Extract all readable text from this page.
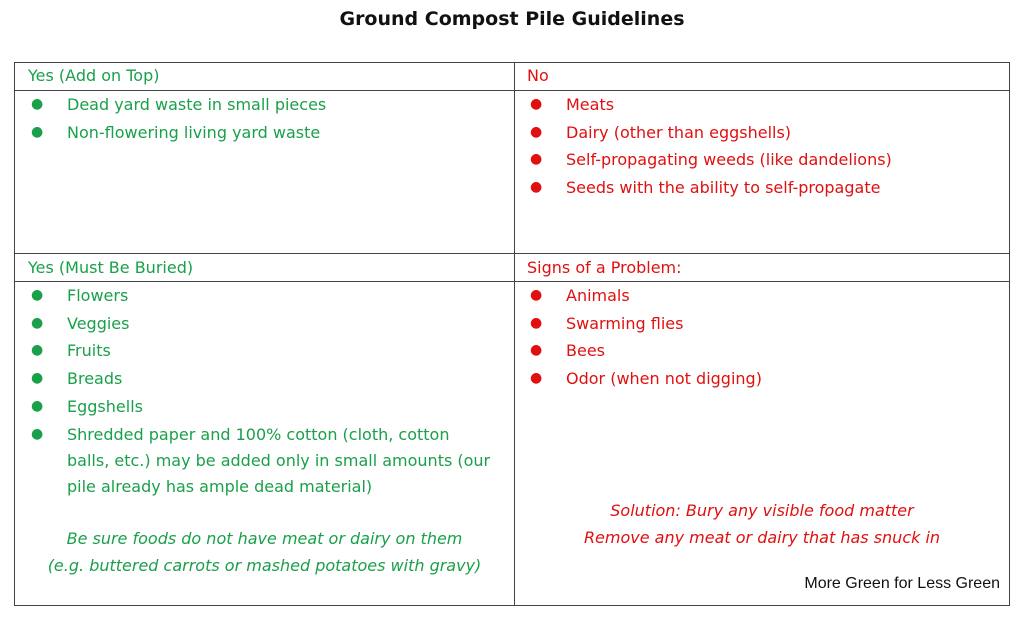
Ground Compost Pile Guidelines
Yes (Add on Top)
● Dead yard waste in small pieces
● Non-flowering living yard waste
No
● Meats
● Dairy (other than eggshells)
● Self-propagating weeds (like dandelions)
● Seeds with the ability to self-propagate
Yes (Must Be Buried)
● Flowers
● Veggies
● Fruits
● Breads
● Eggshells
● Shredded paper and 100% cotton (cloth, cotton balls, etc.) may be added only in small amounts (our pile already has ample dead material)
Be sure foods do not have meat or dairy on them
(e.g. buttered carrots or mashed potatoes with gravy)
Signs of a Problem:
● Animals
● Swarming flies
● Bees
● Odor (when not digging)
Solution: Bury any visible food matter
Remove any meat or dairy that has snuck in
More Green for Less Green
